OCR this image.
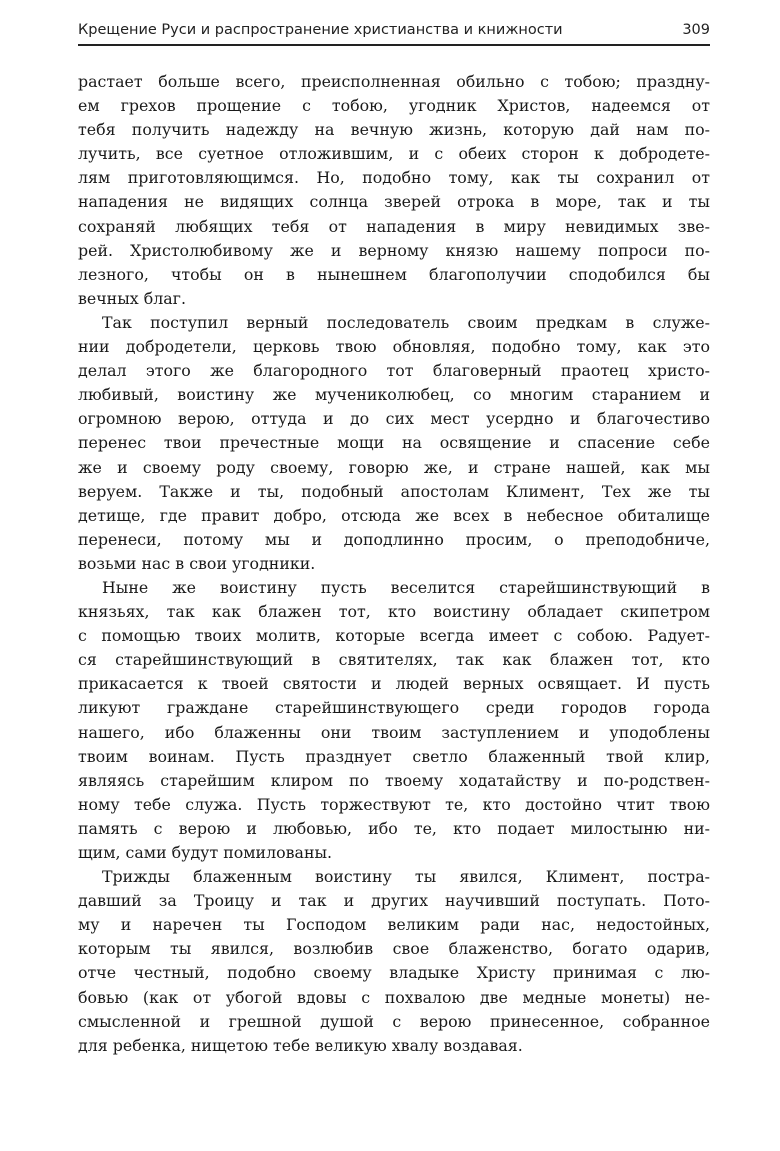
Крещение Руси и распространение христианства и книжности	309
растает больше всего, преисполненная обильно с тобою; праздну-
ем грехов прощение с тобою, угодник Христов, надеемся от
тебя получить надежду на вечную жизнь, которую дай нам по-
лучить, все суетное отложившим, и с обеих сторон к добродете-
лям приготовляющимся. Но, подобно тому, как ты сохранил от
нападения не видящих солнца зверей отрока в море, так и ты
сохраняй любящих тебя от нападения в миру невидимых зве-
рей. Христолюбивому же и верному князю нашему попроси по-
лезного, чтобы он в нынешнем благополучии сподобился бы
вечных благ.
Так поступил верный последователь своим предкам в служе-
нии добродетели, церковь твою обновляя, подобно тому, как это
делал этого же благородного тот благоверный праотец христо-
любивый, воистину же мучениколюбец, со многим старанием и
огромною верою, оттуда и до сих мест усердно и благочестиво
перенес твои пречестные мощи на освящение и спасение себе
же и своему роду своему, говорю же, и стране нашей, как мы
веруем. Также и ты, подобный апостолам Климент, Тех же ты
детище, где правит добро, отсюда же всех в небесное обиталище
перенеси, потому мы и доподлинно просим, о преподобниче,
возьми нас в свои угодники.
Ныне же воистину пусть веселится старейшинствующий в
князьях, так как блажен тот, кто воистину обладает скипетром
с помощью твоих молитв, которые всегда имеет с собою. Радует-
ся старейшинствующий в святителях, так как блажен тот, кто
прикасается к твоей святости и людей верных освящает. И пусть
ликуют граждане старейшинствующего среди городов города
нашего, ибо блаженны они твоим заступлением и уподоблены
твоим воинам. Пусть празднует светло блаженный твой клир,
являясь старейшим клиром по твоему ходатайству и по-родствен-
ному тебе служа. Пусть торжествуют те, кто достойно чтит твою
память с верою и любовью, ибо те, кто подает милостыню ни-
щим, сами будут помилованы.
Трижды блаженным воистину ты явился, Климент, пострa-
давший за Троицу и так и других научивший поступать. Пото-
му и наречен ты Господом великим ради нас, недостойных,
которым ты явился, возлюбив свое блаженство, богато одарив,
отче честный, подобно своему владыке Христу принимая с лю-
бовью (как от убогой вдовы с похвалою две медные монеты) не-
смысленной и грешной душой с верою принесенное, собранное
для ребенка, нищетою тебе великую хвалу воздавая.
